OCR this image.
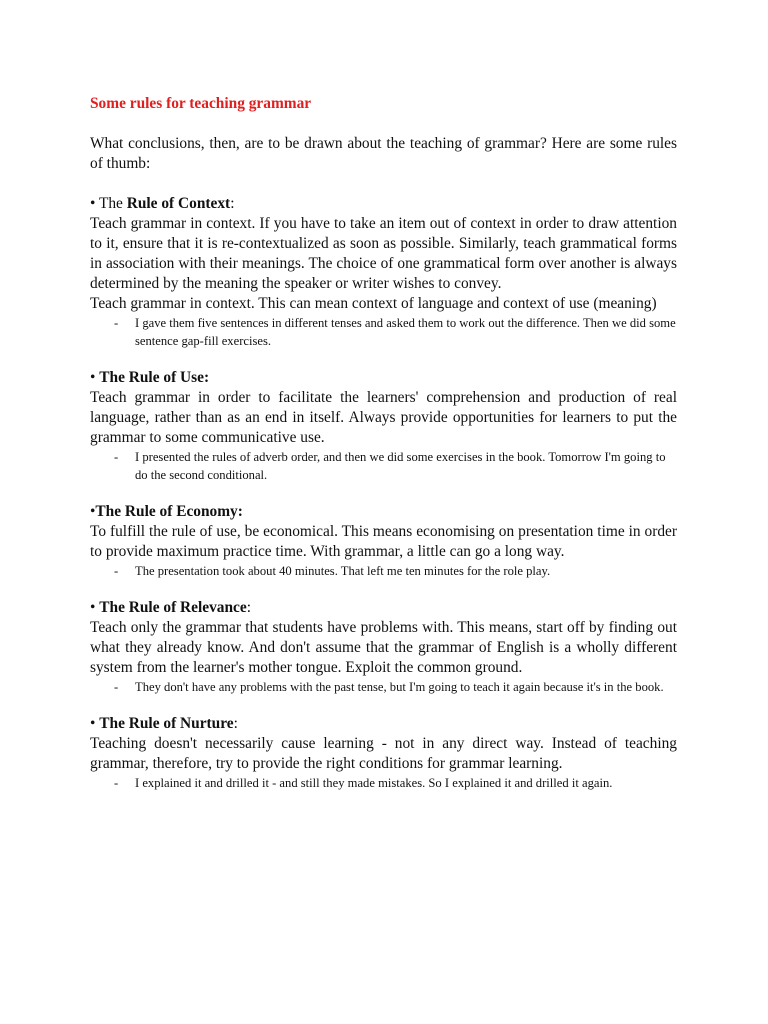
Some rules for teaching grammar

What conclusions, then, are to be drawn about the teaching of grammar? Here are some rules of thumb:

• The Rule of Context:

Teach grammar in context. If you have to take an item out of context in order to draw attention to it, ensure that it is re-contextualized as soon as possible. Similarly, teach grammatical forms in association with their meanings. The choice of one grammatical form over another is always determined by the meaning the speaker or writer wishes to convey.

Teach grammar in context. This can mean context of language and context of use (meaning)

- I gave them five sentences in different tenses and asked them to work out the difference. Then we did some sentence gap-fill exercises.
• The Rule of Use:

Teach grammar in order to facilitate the learners' comprehension and production of real language, rather than as an end in itself. Always provide opportunities for learners to put the grammar to some communicative use.

- I presented the rules of adverb order, and then we did some exercises in the book. Tomorrow I'm going to do the second conditional.
•The Rule of Economy:

To fulfill the rule of use, be economical. This means economising on presentation time in order to provide maximum practice time. With grammar, a little can go a long way.

- The presentation took about 40 minutes. That left me ten minutes for the role play.
• The Rule of Relevance:

Teach only the grammar that students have problems with. This means, start off by finding out what they already know. And don't assume that the grammar of English is a wholly different system from the learner's mother tongue. Exploit the common ground.

- They don't have any problems with the past tense, but I'm going to teach it again because it's in the book.
• The Rule of Nurture:

Teaching doesn't necessarily cause learning - not in any direct way. Instead of teaching grammar, therefore, try to provide the right conditions for grammar learning.

- I explained it and drilled it - and still they made mistakes. So I explained it and drilled it again.
